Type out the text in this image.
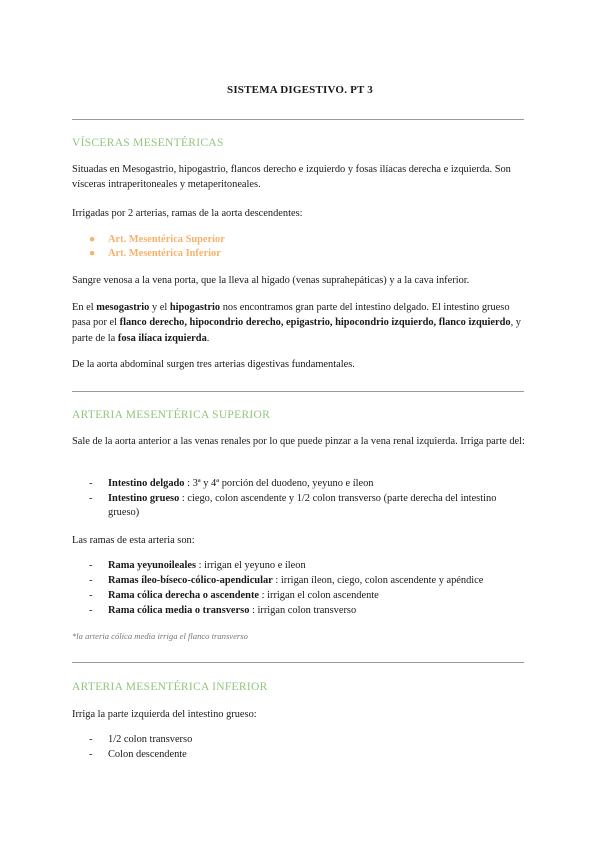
SISTEMA DIGESTIVO. PT 3
VÍSCERAS MESENTÉRICAS

Situadas en Mesogastrio, hipogastrio, flancos derecho e izquierdo y fosas ilíacas derecha e izquierda. Son vísceras intraperitoneales y metaperitoneales.

Irrigadas por 2 arterias, ramas de la aorta descendentes:

● Art. Mesentérica Superior
● Art. Mesentérica Inferior

Sangre venosa a la vena porta, que la lleva al hígado (venas suprahepáticas) y a la cava inferior.

En el mesogastrio y el hipogastrio nos encontramos gran parte del intestino delgado. El intestino grueso pasa por el flanco derecho, hipocondrio derecho, epigastrio, hipocondrio izquierdo, flanco izquierdo, y parte de la fosa ilíaca izquierda.

De la aorta abdominal surgen tres arterias digestivas fundamentales.

ARTERIA MESENTÉRICA SUPERIOR

Sale de la aorta anterior a las venas renales por lo que puede pinzar a la vena renal izquierda. Irriga parte del:

- Intestino delgado : 3ª y 4ª porción del duodeno, yeyuno e íleon
- Intestino grueso : ciego, colon ascendente y 1/2 colon transverso (parte derecha del intestino grueso)

Las ramas de esta arteria son:

- Rama yeyunoileales : irrigan el yeyuno e íleon
- Ramas íleo-bíseco-cólico-apendicular : irrigan íleon, ciego, colon ascendente y apéndice
- Rama cólica derecha o ascendente : irrigan el colon ascendente
- Rama cólica media o transverso : irrigan colon transverso
*la arteria cólica media irriga el flanco transverso
ARTERIA MESENTÉRICA INFERIOR

Irriga la parte izquierda del intestino grueso:

- 1/2 colon transverso
- Colon descendente
